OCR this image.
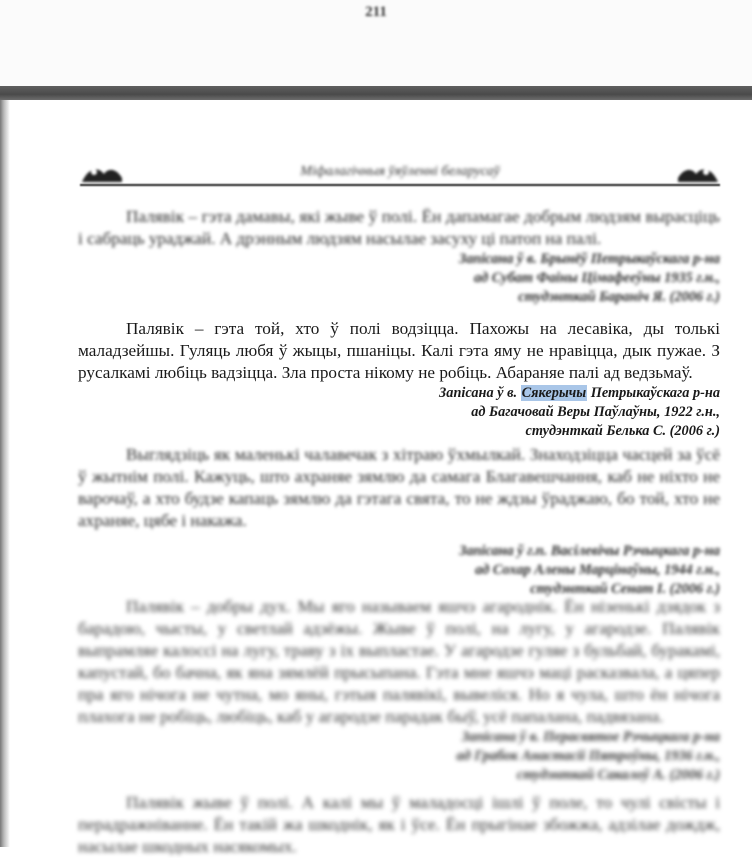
211
Міфалагічныя ўяўленні беларусаў

Палявік – гэта дамавы, які жыве ў полі. Ён дапамагае добрым людзям вырасціць і сабраць ураджай. А дрэнным людзям насылае засуху ці патоп на палі.

Запісана ў в. Брынёў Петрыкаўскага р-на
ад Субат Фаіны Цімафееўны 1935 г.н.,
студэнткай Бараніч Я. (2006 г.)

Палявік – гэта той, хто ў полі водзіцца. Пахожы на лесавіка, ды толькі маладзейшы. Гуляць любя ў жыцы, пшаніцы. Калі гэта яму не нравіцца, дык пужае. З русалкамі любіць вадзіцца. Зла проста нікому не робіць. Абараняе палі ад ведзьмаў.

Запісана ў в. Сякерычы Петрыкаўскага р-на
ад Багачовай Веры Паўлаўны, 1922 г.н.,
студэнткай Белька С. (2006 г.)

Выглядзіць як маленькі чалавечак з хітраю ўхмылкай. Знаходзіцца часцей за ўсё ў жытнім полі. Кажуць, што ахраняе зямлю да самага Благавешчання, каб не ніхто не варочаў, а хто будзе капаць зямлю да гэтага свята, то не ждзы ўраджаю, бо той, хто не ахраняе, цябе і накажа.

Запісана ў г.п. Васілевічы Рэчыцкага р-на
ад Сохар Алены Марцінаўны, 1944 г.н.,
студэнткай Сенат І. (2006 г.)

Палявік – добры дух. Мы яго называем яшчэ агароднік. Ён нізенькі дзядок з барадою, чысты, у светлай адзёжы. Жыве ў полі, на лугу, у агародзе. Палявік выпрамляе калоссі на лугу, траву з іх выпластае. У агародзе гуляе з бульбай, буракамі, капустай, бо бачна, як яна зямлёй прысыпана. Гэта мне яшчэ маці расказвала, а цяпер пра яго нічога не чутна, мо яны, гэтыя палявікі, вывеліся. Но я чула, што ён нічога плахога не робіць, любіць, каб у агародзе парадак быў, усё папалана, падвязана.

Запісана ў в. Перасвятое Рэчыцкага р-на
ад Грабок Анастасіі Пятроўны, 1936 г.н.,
студэнткай Сакалоў А. (2006 г.)

Палявік жыве ў полі. А калі мы ў маладосці ішлі ў поле, то чулі свісты і перадражніванне. Ён такій жа шкоднік, як і ўсе. Ён прыгінае збожжа, адзілае дождж, насылае шкодных насякомых.
